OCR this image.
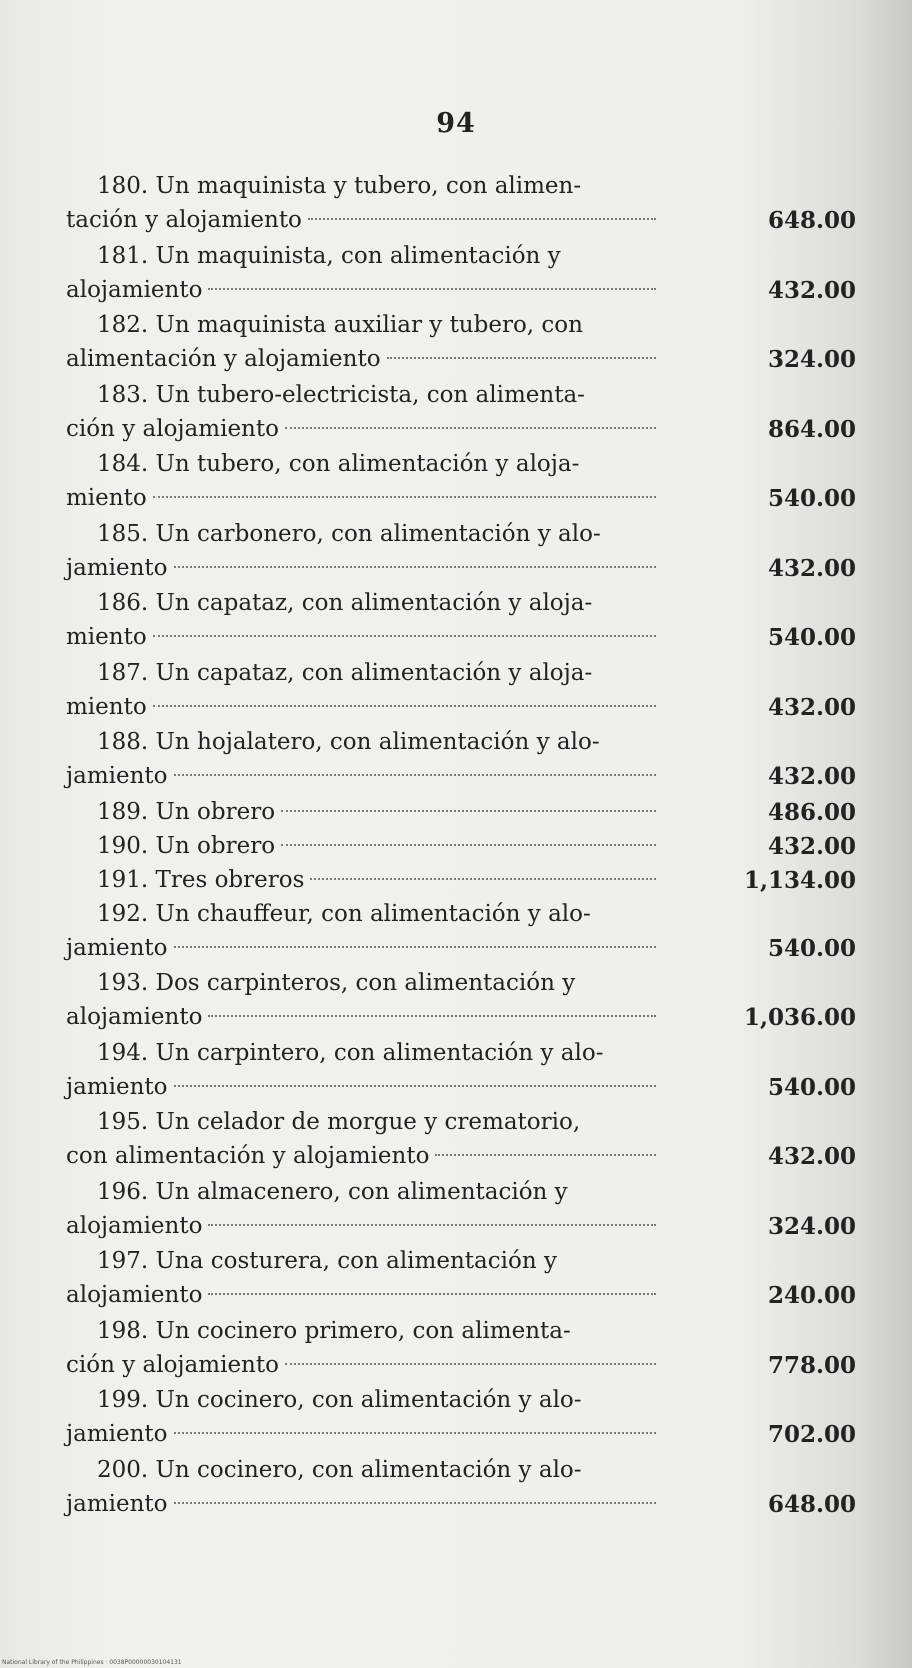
94
180. Un maquinista y tubero, con alimen-
tación y alojamiento	648.00
181. Un maquinista, con alimentación y
alojamiento	432.00
182. Un maquinista auxiliar y tubero, con
alimentación y alojamiento	324.00
183. Un tubero-electricista, con alimenta-
ción y alojamiento	864.00
184. Un tubero, con alimentación y aloja-
miento	540.00
185. Un carbonero, con alimentación y alo-
jamiento	432.00
186. Un capataz, con alimentación y aloja-
miento	540.00
187. Un capataz, con alimentación y aloja-
miento	432.00
188. Un hojalatero, con alimentación y alo-
jamiento	432.00
189. Un obrero	486.00
190. Un obrero	432.00
191. Tres obreros	1,134.00
192. Un chauffeur, con alimentación y alo-
jamiento	540.00
193. Dos carpinteros, con alimentación y
alojamiento	1,036.00
194. Un carpintero, con alimentación y alo-
jamiento	540.00
195. Un celador de morgue y crematorio,
con alimentación y alojamiento	432.00
196. Un almacenero, con alimentación y
alojamiento	324.00
197. Una costurera, con alimentación y
alojamiento	240.00
198. Un cocinero primero, con alimenta-
ción y alojamiento	778.00
199. Un cocinero, con alimentación y alo-
jamiento	702.00
200. Un cocinero, con alimentación y alo-
jamiento	648.00
National Library of the Philippines · 0038P00000030104131
